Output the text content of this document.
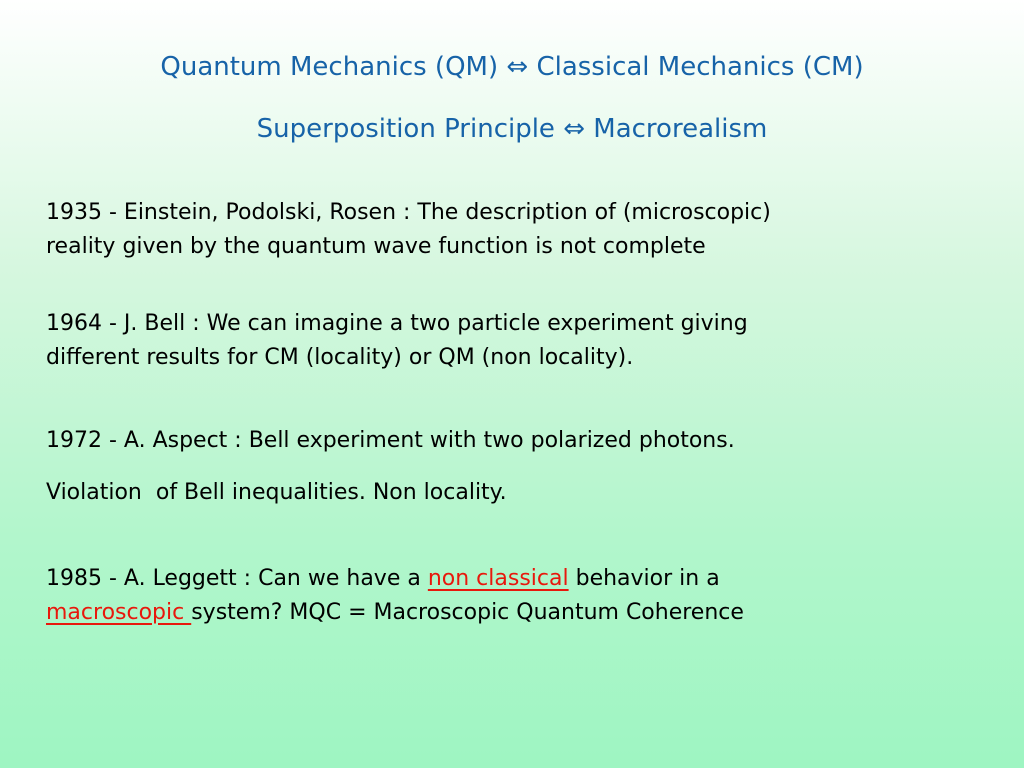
Quantum Mechanics (QM) ⇔ Classical Mechanics (CM)
Superposition Principle ⇔ Macrorealism
1935 - Einstein, Podolski, Rosen : The description of (microscopic)
reality given by the quantum wave function is not complete
1964 - J. Bell : We can imagine a two particle experiment giving
different results for CM (locality) or QM (non locality).
1972 - A. Aspect : Bell experiment with two polarized photons.
Violation  of Bell inequalities. Non locality.
1985 - A. Leggett : Can we have a non classical behavior in a
macroscopic system? MQC = Macroscopic Quantum Coherence
